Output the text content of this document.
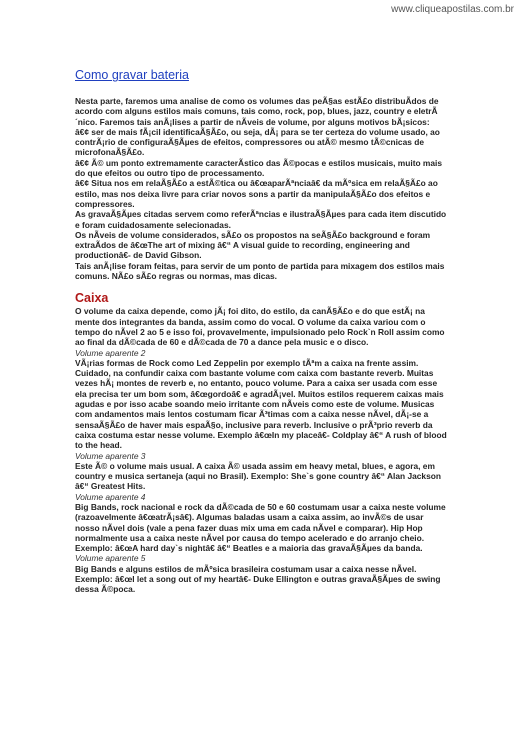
www.cliqueapostilas.com.br
Como gravar bateria

Nesta parte, faremos uma analise de como os volumes das peÃ§as estÃ£o distribuÃdos de acordo com alguns estilos mais comuns, tais como, rock, pop, blues, jazz, country e eletrÃ´nico. Faremos tais anÃ¡lises a partir de nÃveis de volume, por alguns motivos bÃ¡sicos:

â€¢ ser de mais fÃ¡cil identificaÃ§Ã£o, ou seja, dÃ¡ para se ter certeza do volume usado, ao contrÃ¡rio de configuraÃ§Ãµes de efeitos, compressores ou atÃ© mesmo tÃ©cnicas de microfonaÃ§Ã£o.

â€¢ Ã© um ponto extremamente caracterÃstico das Ã©pocas e estilos musicais, muito mais do que efeitos ou outro tipo de processamento.

â€¢ Situa nos em relaÃ§Ã£o a estÃ©tica ou â€œaparÃªnciaâ€ da mÃºsica em relaÃ§Ã£o ao estilo, mas nos deixa livre para criar novos sons a partir da manipulaÃ§Ã£o dos efeitos e compressores.

As gravaÃ§Ãµes citadas servem como referÃªncias e ilustraÃ§Ãµes para cada item discutido e foram cuidadosamente selecionadas.

Os nÃveis de volume considerados, sÃ£o os propostos na seÃ§Ã£o background e foram extraÃdos de â€œThe art of mixing â€“ A visual guide to recording, engineering and productionâ€- de David Gibson.

Tais anÃ¡lise foram feitas, para servir de um ponto de partida para mixagem dos estilos mais comuns. NÃ£o sÃ£o regras ou normas, mas dicas.

Caixa

O volume da caixa depende, como jÃ¡ foi dito, do estilo, da canÃ§Ã£o e do que estÃ¡ na mente dos integrantes da banda, assim como do vocal. O volume da caixa variou com o tempo do nÃvel 2 ao 5 e isso foi, provavelmente, impulsionado pelo Rock`n Roll assim como ao final da dÃ©cada de 60 e dÃ©cada de 70 a dance pela music e o disco.

Volume aparente 2

VÃ¡rias formas de Rock como Led Zeppelin por exemplo tÃªm a caixa na frente assim. Cuidado, na confundir caixa com bastante volume com caixa com bastante reverb. Muitas vezes hÃ¡ montes de reverb e, no entanto, pouco volume. Para a caixa ser usada com esse ela precisa ter um bom som, â€œgordoâ€ e agradÃ¡vel. Muitos estilos requerem caixas mais agudas e por isso acabe soando meio irritante com nÃveis como este de volume. Musicas com andamentos mais lentos costumam ficar Ã³timas com a caixa nesse nÃvel, dÃ¡-se a sensaÃ§Ã£o de haver mais espaÃ§o, inclusive para reverb. Inclusive o prÃ³prio reverb da caixa costuma estar nesse volume. Exemplo â€œIn my placeâ€- Coldplay â€“ A rush of blood to the head.

Volume aparente 3

Este Ã© o volume mais usual. A caixa Ã© usada assim em heavy metal, blues, e agora, em country e musica sertaneja (aqui no Brasil). Exemplo: She`s gone country â€“ Alan Jackson â€“ Greatest Hits.

Volume aparente 4

Big Bands, rock nacional e rock da dÃ©cada de 50 e 60 costumam usar a caixa neste volume (razoavelmente â€œatrÃ¡sâ€). Algumas baladas usam a caixa assim, ao invÃ©s de usar nosso nÃvel dois (vale a pena fazer duas mix uma em cada nÃvel e comparar). Hip Hop normalmente usa a caixa neste nÃvel por causa do tempo acelerado e do arranjo cheio. Exemplo: â€œA hard day`s nightâ€ â€“ Beatles e a maioria das gravaÃ§Ãµes da banda.

Volume aparente 5

Big Bands e alguns estilos de mÃºsica brasileira costumam usar a caixa nesse nÃvel. Exemplo: â€œI let a song out of my heartâ€- Duke Ellington e outras gravaÃ§Ãµes de swing dessa Ã©poca.
